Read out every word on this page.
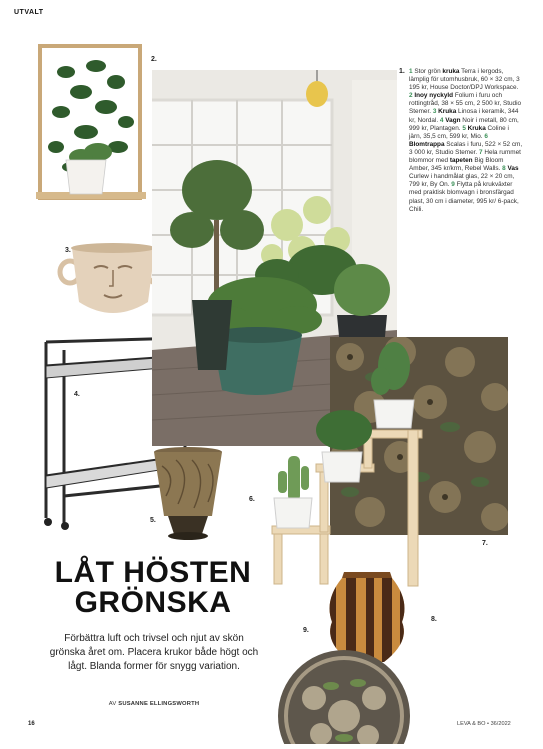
UTVALT
2.
3.
4.
5.

1 Stor grön kruka Terra i lergods, lämplig för utomhusbruk, 60 × 32 cm, 3 195 kr, House Doctor/DPJ Workspace. 2 Inoy nyckyld Folium i furu och rottingtråd, 38 × 55 cm, 2 500 kr, Studio Stemer. 3 Kruka Linosa i keramik, 344 kr, Nordal. 4 Vagn Noir i metall, 80 cm, 999 kr, Plantagen. 5 Kruka Coline i järn, 35,5 cm, 599 kr, Mio. 6 Blomtrappa Scalas i furu, 522 × 52 cm, 3 000 kr, Studio Stemer. 7 Hela rummet blommor med tapeten Big Bloom Amber, 345 kr/krm, Rebel Walls. 8 Vas Curlew i handmålat glas, 22 × 20 cm, 799 kr, By On. 9 Flytta på krukväxter med praktisk blomvagn i bronsfärgad plast, 30 cm i diameter, 995 kr/ 6-pack, Chili.

7.
6.
8.
9.
1.
LÅT HÖSTEN
GRÖNSKA
Förbättra luft och trivsel och njut av skön grönska året om. Placera krukor både högt och lågt. Blanda former för snygg variation.
AV SUSANNE ELLINGSWORTH
16	LEVA & BO • 36/2022
